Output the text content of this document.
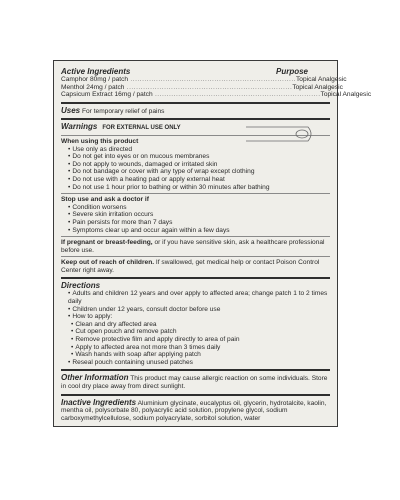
Active Ingredients	Purpose
Camphor 80mg / patch ....................................................................... Topical Analgesic
Menthol 24mg / patch ....................................................................... Topical Analgesic
Capsicum Extract 16mg / patch ....................................................................... Topical Analgesic
Uses For temporary relief of pains
Warnings FOR EXTERNAL USE ONLY
When using this product
• Use only as directed
• Do not get into eyes or on mucous membranes
• Do not apply to wounds, damaged or irritated skin
• Do not bandage or cover with any type of wrap except clothing
• Do not use with a heating pad or apply external heat
• Do not use 1 hour prior to bathing or within 30 minutes after bathing
Stop use and ask a doctor if
• Condition worsens
• Severe skin irritation occurs
• Pain persists for more than 7 days
• Symptoms clear up and occur again within a few days

If pregnant or breast-feeding, or if you have sensitive skin, ask a healthcare professional before use.

Keep out of reach of children. If swallowed, get medical help or contact Poison Control Center right away.

Directions
• Adults and children 12 years and over apply to affected area; change patch 1 to 2 times daily
• Children under 12 years, consult doctor before use
• How to apply:
• Clean and dry affected area
• Cut open pouch and remove patch
• Remove protective film and apply directly to area of pain
• Apply to affected area not more than 3 times daily
• Wash hands with soap after applying patch
• Reseal pouch containing unused patches

Other Information This product may cause allergic reaction on some individuals. Store in cool dry place away from direct sunlight.

Inactive Ingredients Aluminium glycinate, eucalyptus oil, glycerin, hydrotalcite, kaolin, mentha oil, polysorbate 80, polyacrylic acid solution, propylene glycol, sodium carboxymethylcellulose, sodium polyacrylate, sorbitol solution, water
